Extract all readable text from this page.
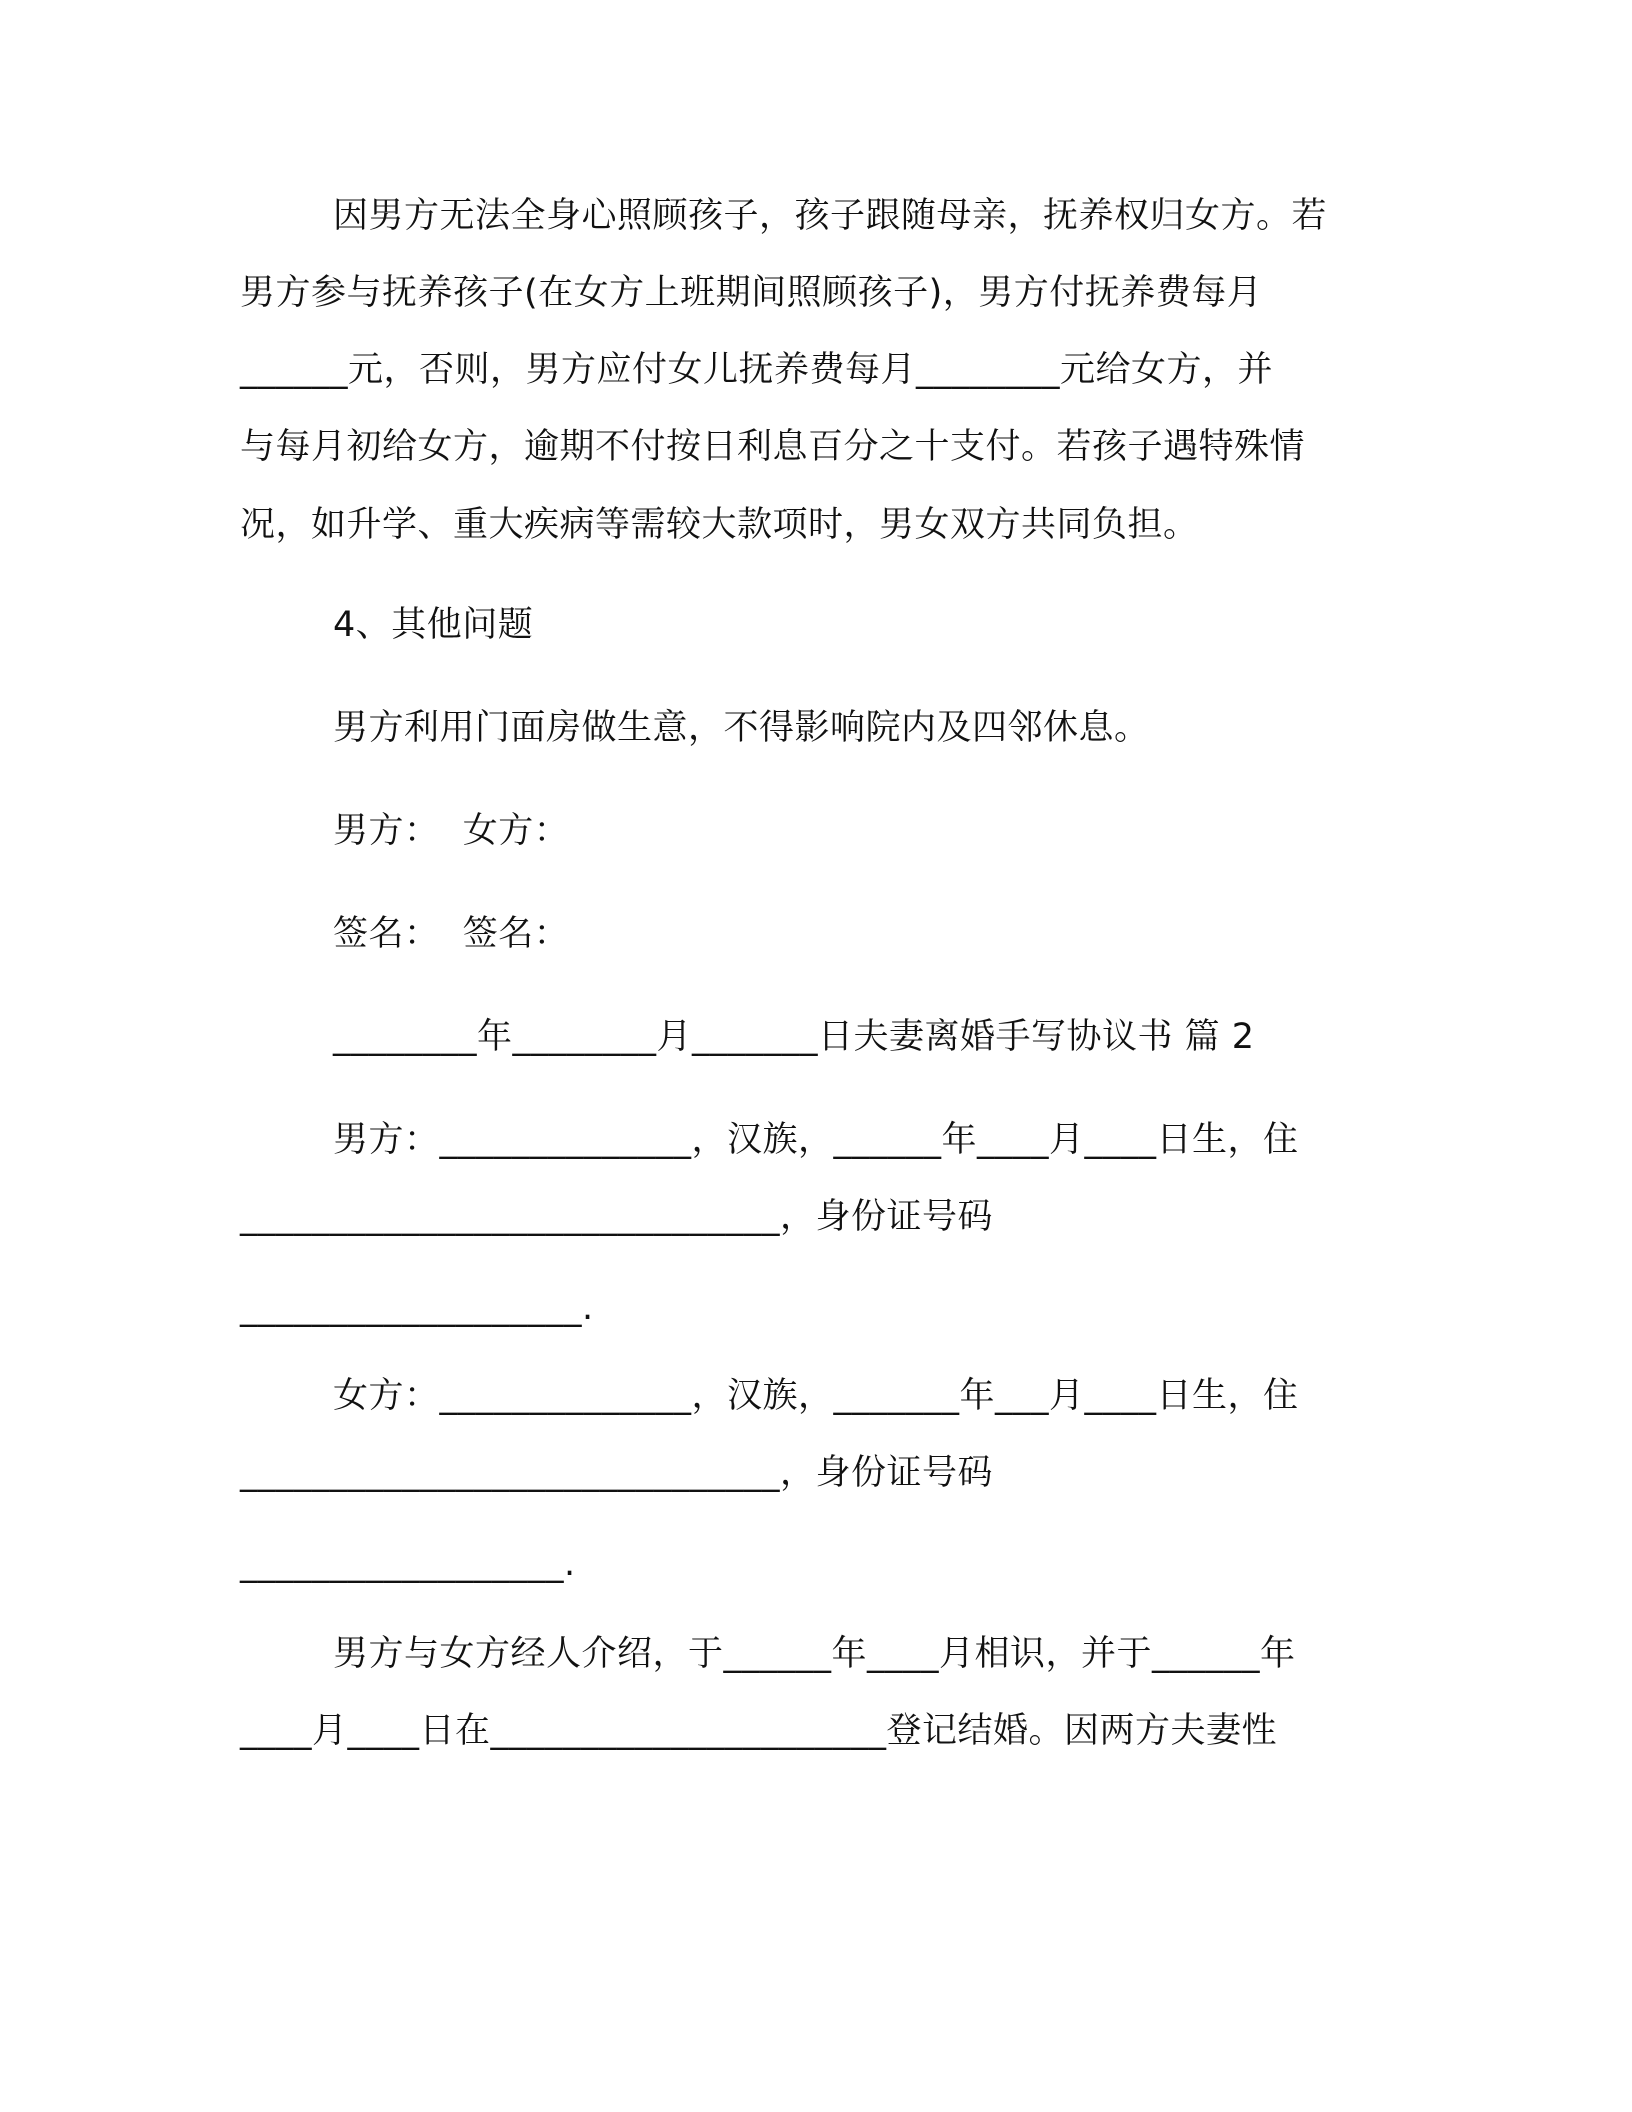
因男方无法全身心照顾孩子，孩子跟随母亲，抚养权归女方。若
男方参与抚养孩子(在女方上班期间照顾孩子)，男方付抚养费每月
______元，否则，男方应付女儿抚养费每月________元给女方，并
与每月初给女方，逾期不付按日利息百分之十支付。若孩子遇特殊情
况，如升学、重大疾病等需较大款项时，男女双方共同负担。
4、其他问题
男方利用门面房做生意，不得影响院内及四邻休息。
男方：  女方：
签名：  签名：
________年________月_______日夫妻离婚手写协议书 篇 2
男方：______________，汉族，______年____月____日生，住
______________________________，身份证号码
___________________.
女方：______________，汉族，_______年___月____日生，住
______________________________，身份证号码
__________________.
男方与女方经人介绍，于______年____月相识，并于______年
____月____日在______________________登记结婚。因两方夫妻性
